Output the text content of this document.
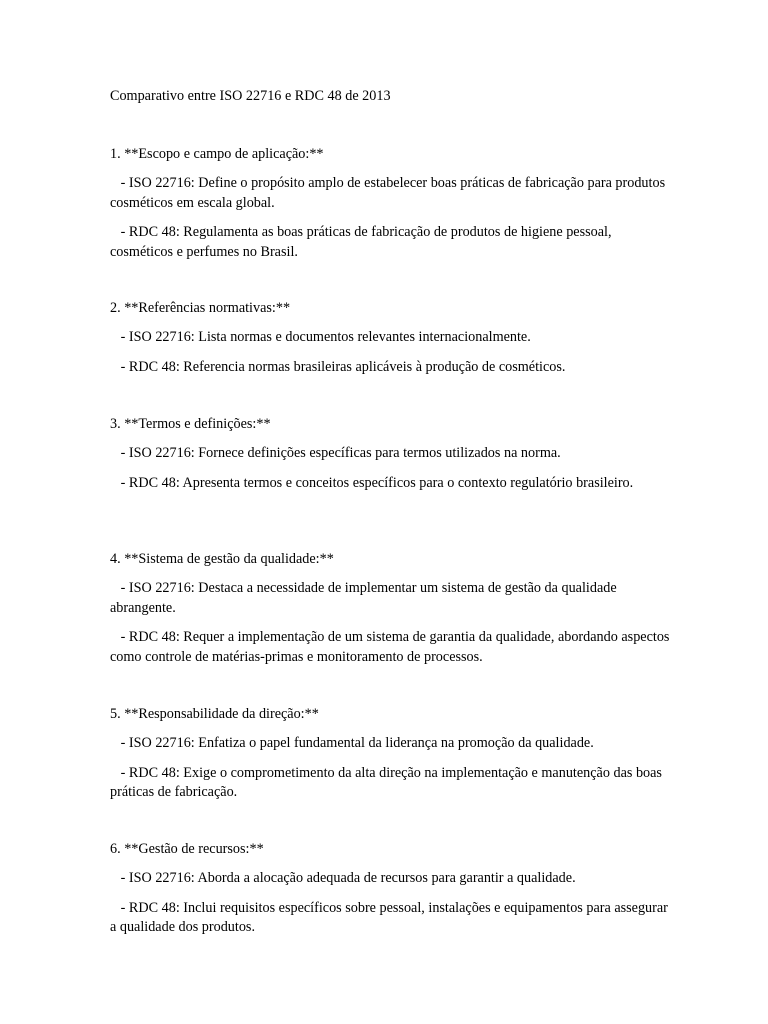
Comparativo entre ISO 22716 e RDC 48 de 2013

1. **Escopo e campo de aplicação:**

- ISO 22716: Define o propósito amplo de estabelecer boas práticas de fabricação para produtos cosméticos em escala global.

- RDC 48: Regulamenta as boas práticas de fabricação de produtos de higiene pessoal, cosméticos e perfumes no Brasil.

2. **Referências normativas:**

- ISO 22716: Lista normas e documentos relevantes internacionalmente.

- RDC 48: Referencia normas brasileiras aplicáveis à produção de cosméticos.

3. **Termos e definições:**

- ISO 22716: Fornece definições específicas para termos utilizados na norma.

- RDC 48: Apresenta termos e conceitos específicos para o contexto regulatório brasileiro.

4. **Sistema de gestão da qualidade:**

- ISO 22716: Destaca a necessidade de implementar um sistema de gestão da qualidade abrangente.

- RDC 48: Requer a implementação de um sistema de garantia da qualidade, abordando aspectos como controle de matérias-primas e monitoramento de processos.

5. **Responsabilidade da direção:**

- ISO 22716: Enfatiza o papel fundamental da liderança na promoção da qualidade.

- RDC 48: Exige o comprometimento da alta direção na implementação e manutenção das boas práticas de fabricação.

6. **Gestão de recursos:**

- ISO 22716: Aborda a alocação adequada de recursos para garantir a qualidade.

- RDC 48: Inclui requisitos específicos sobre pessoal, instalações e equipamentos para assegurar a qualidade dos produtos.
